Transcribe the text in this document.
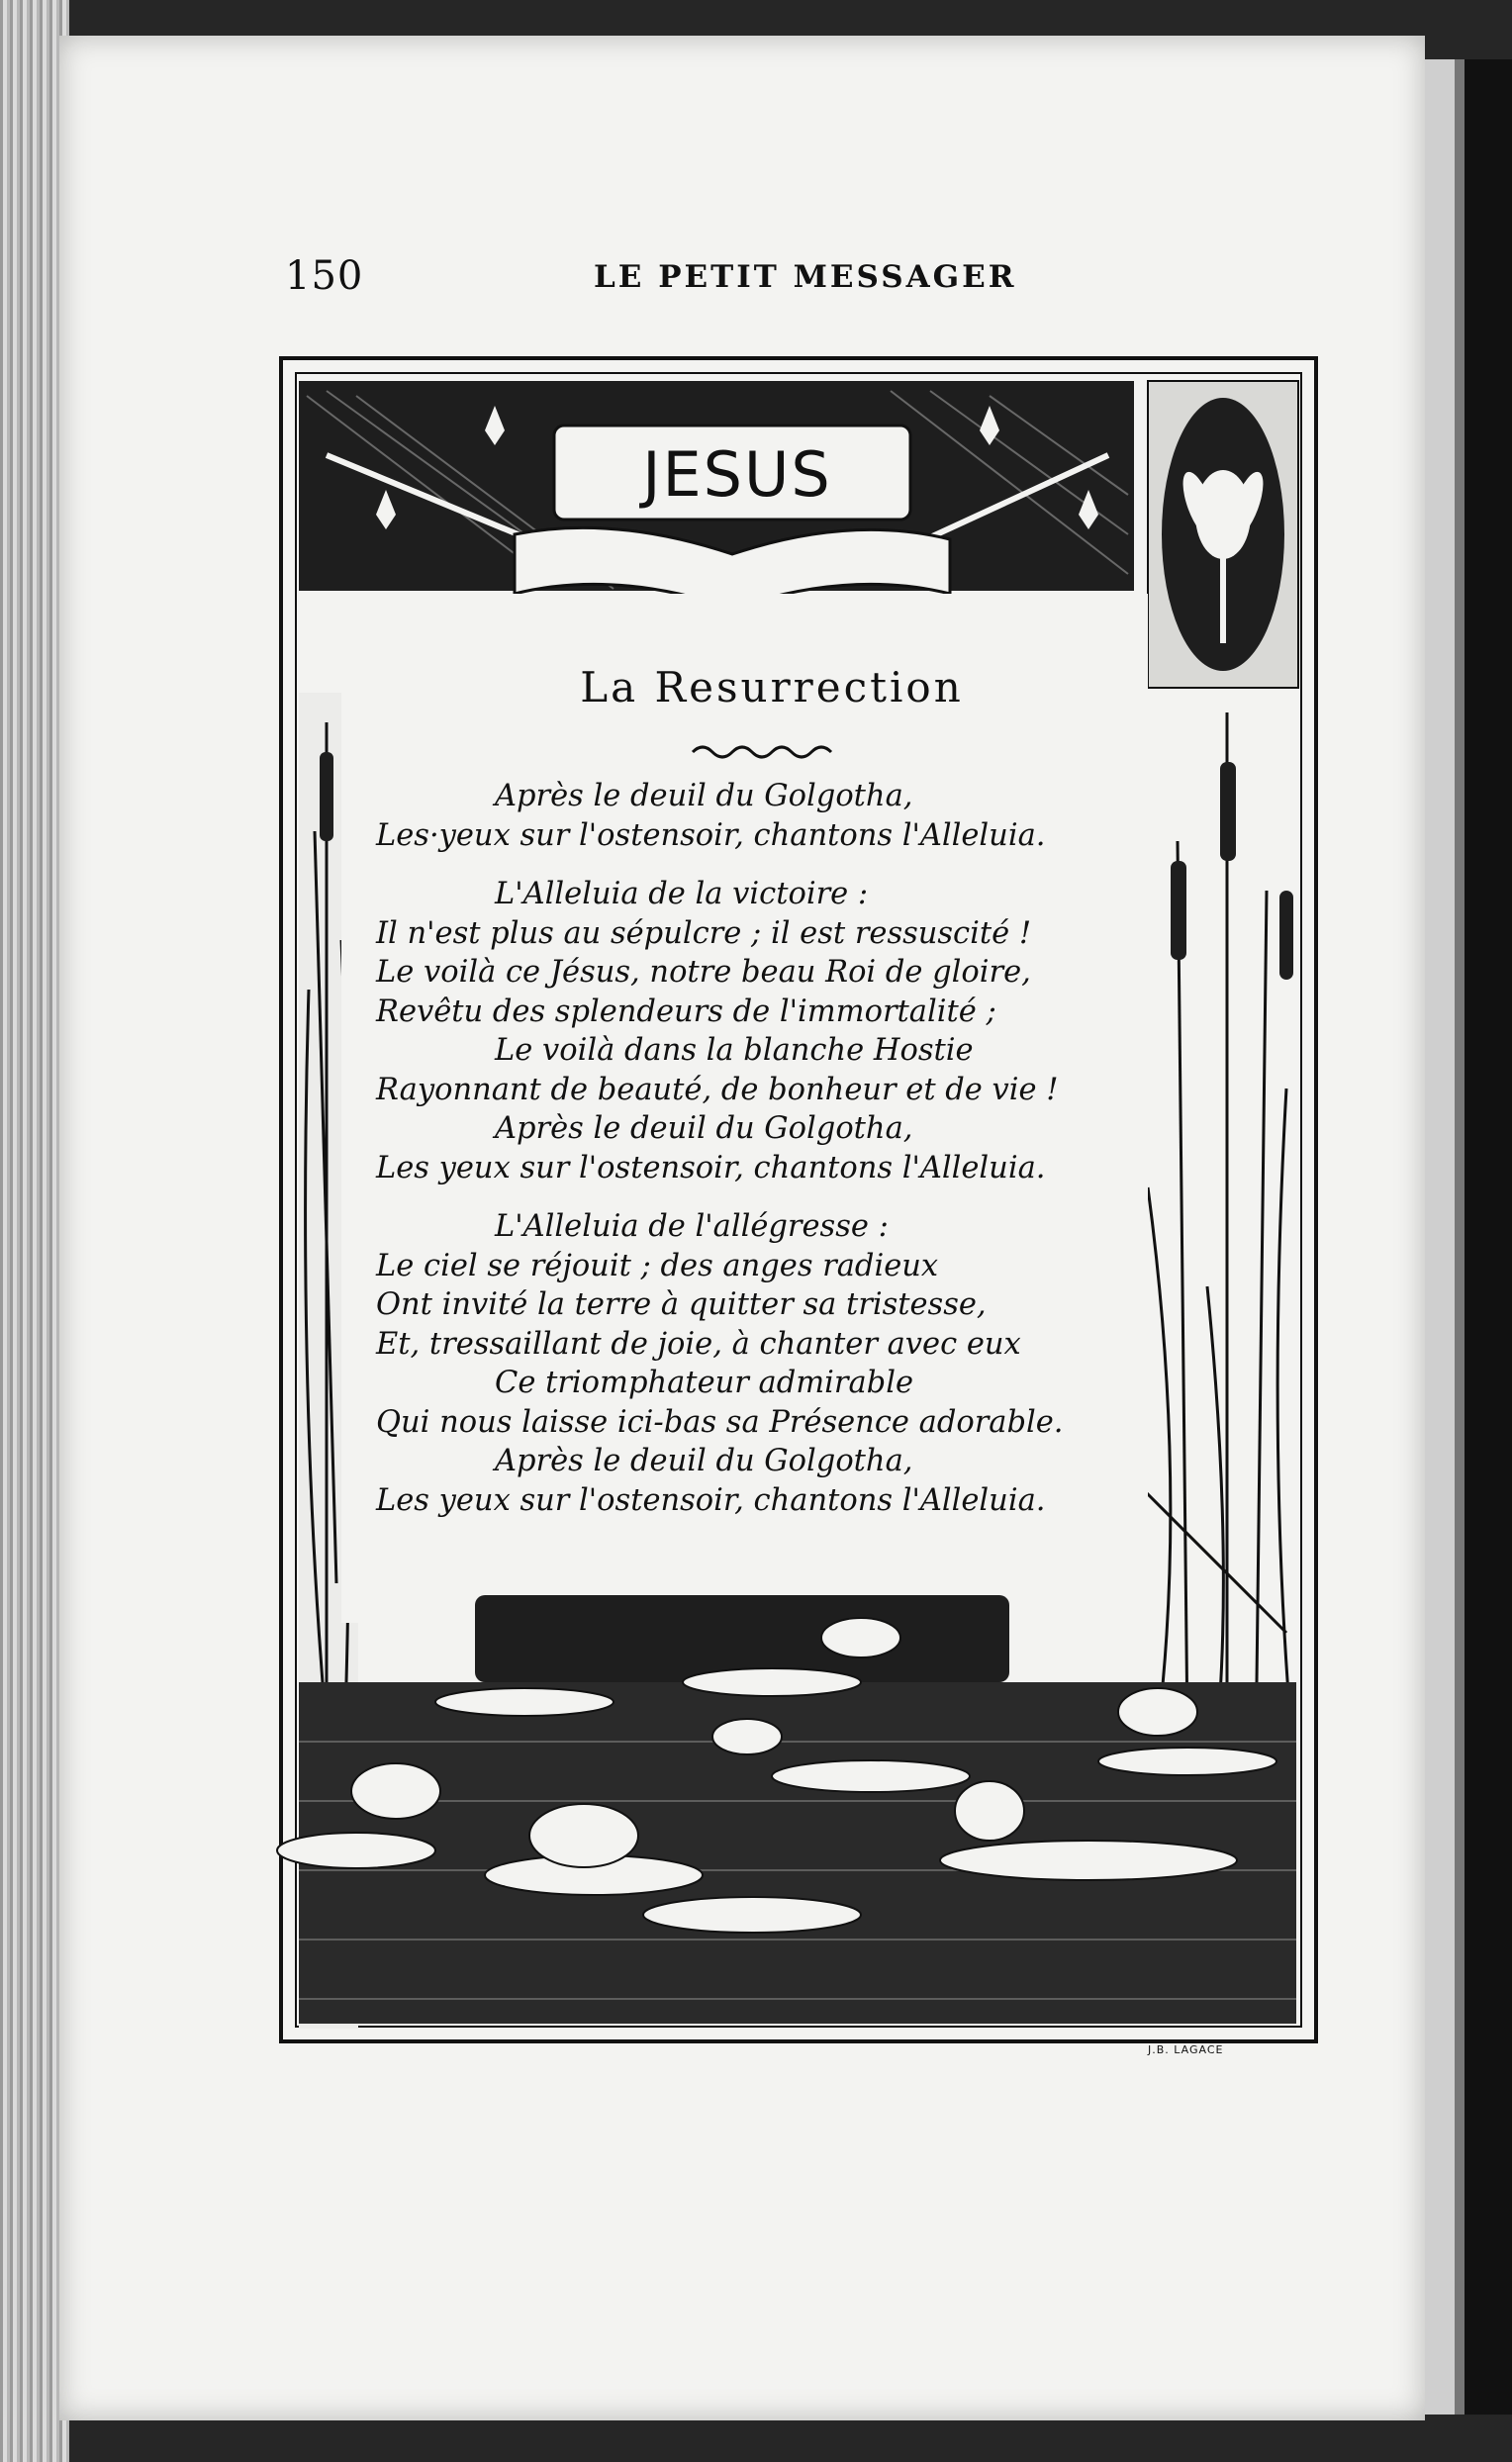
150	LE PETIT MESSAGER
JESUS
La Resurrection
Après le deuil du Golgotha,
Les·yeux sur l'ostensoir, chantons l'Alleluia.
L'Alleluia de la victoire :
Il n'est plus au sépulcre ; il est ressuscité !
Le voilà ce Jésus, notre beau Roi de gloire,
Revêtu des splendeurs de l'immortalité ;
Le voilà dans la blanche Hostie
Rayonnant de beauté, de bonheur et de vie !
Après le deuil du Golgotha,
Les yeux sur l'ostensoir, chantons l'Alleluia.
L'Alleluia de l'allégresse :
Le ciel se réjouit ; des anges radieux
Ont invité la terre à quitter sa tristesse,
Et, tressaillant de joie, à chanter avec eux
Ce triomphateur admirable
Qui nous laisse ici-bas sa Présence adorable.
Après le deuil du Golgotha,
Les yeux sur l'ostensoir, chantons l'Alleluia.
J.B. LAGACE
